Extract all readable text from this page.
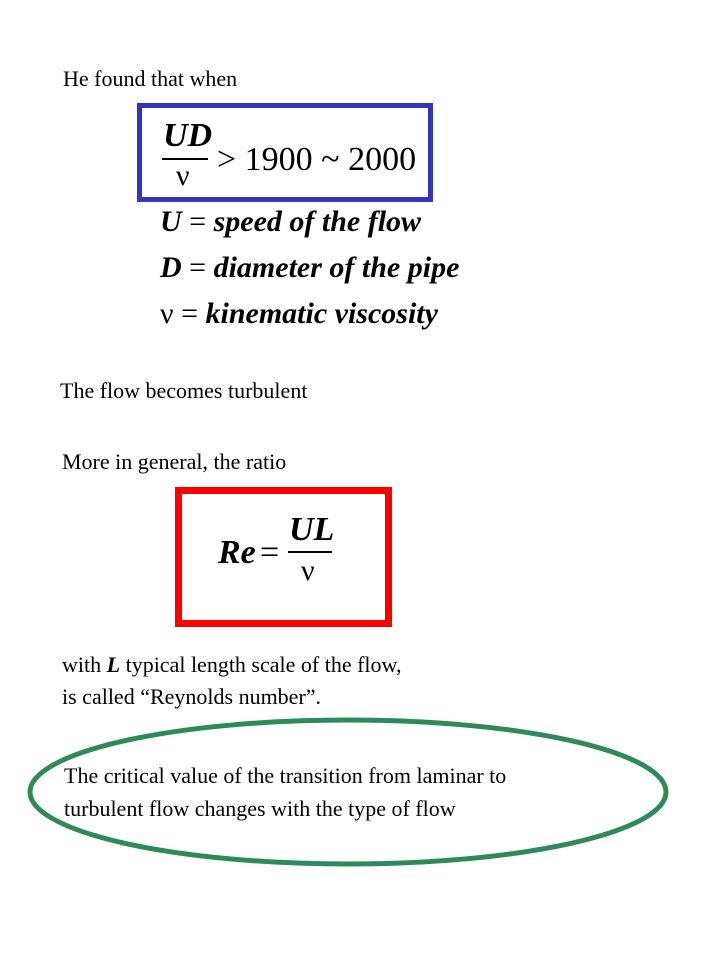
He found that when
UD
ν > 1900 ~ 2000
U = speed of the flow
D = diameter of the pipe
ν = kinematic viscosity
The flow becomes turbulent
More in general, the ratio
Re =
UL
ν
with L typical length scale of the flow,
is called “Reynolds number”.
The critical value of the transition from laminar to
turbulent flow changes with the type of flow
